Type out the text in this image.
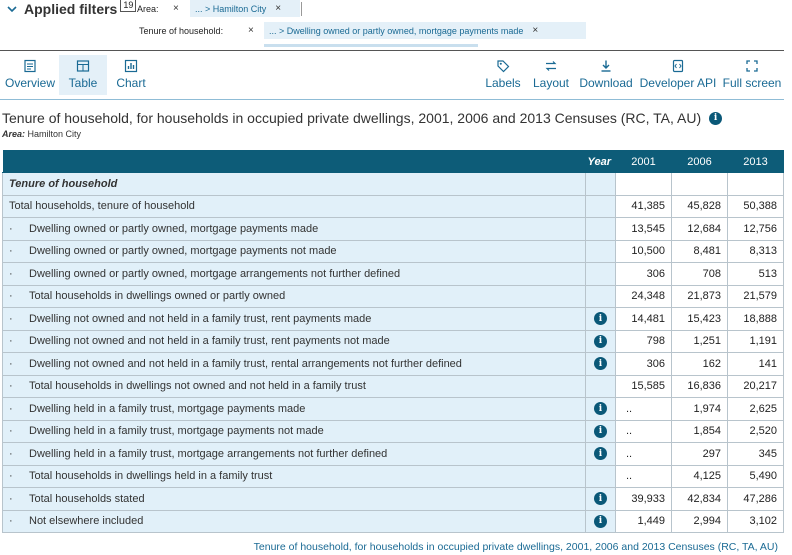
Applied filters 19 Area: × ... > Hamilton City ×
Tenure of household: × ... > Dwelling owned or partly owned, mortgage payments made ×
Overview Table Chart	Labels Layout Download Developer API Full screen
Tenure of household, for households in occupied private dwellings, 2001, 2006 and 2013 Censuses (RC, TA, AU)	i
Area: Hamilton City
Year		2001	2006	2013
Tenure of household				
Total households, tenure of household		41,385	45,828	50,388
· Dwelling owned or partly owned, mortgage payments made		13,545	12,684	12,756
· Dwelling owned or partly owned, mortgage payments not made		10,500	8,481	8,313
· Dwelling owned or partly owned, mortgage arrangements not further defined		306	708	513
· Total households in dwellings owned or partly owned		24,348	21,873	21,579
· Dwelling not owned and not held in a family trust, rent payments made	i	14,481	15,423	18,888
· Dwelling not owned and not held in a family trust, rent payments not made	i	798	1,251	1,191
· Dwelling not owned and not held in a family trust, rental arrangements not further defined	i	306	162	141
· Total households in dwellings not owned and not held in a family trust		15,585	16,836	20,217
· Dwelling held in a family trust, mortgage payments made	i	..	1,974	2,625
· Dwelling held in a family trust, mortgage payments not made	i	..	1,854	2,520
· Dwelling held in a family trust, mortgage arrangements not further defined	i	..	297	345
· Total households in dwellings held in a family trust		..	4,125	5,490
· Total households stated	i	39,933	42,834	47,286
· Not elsewhere included	i	1,449	2,994	3,102
Tenure of household, for households in occupied private dwellings, 2001, 2006 and 2013 Censuses (RC, TA, AU)
